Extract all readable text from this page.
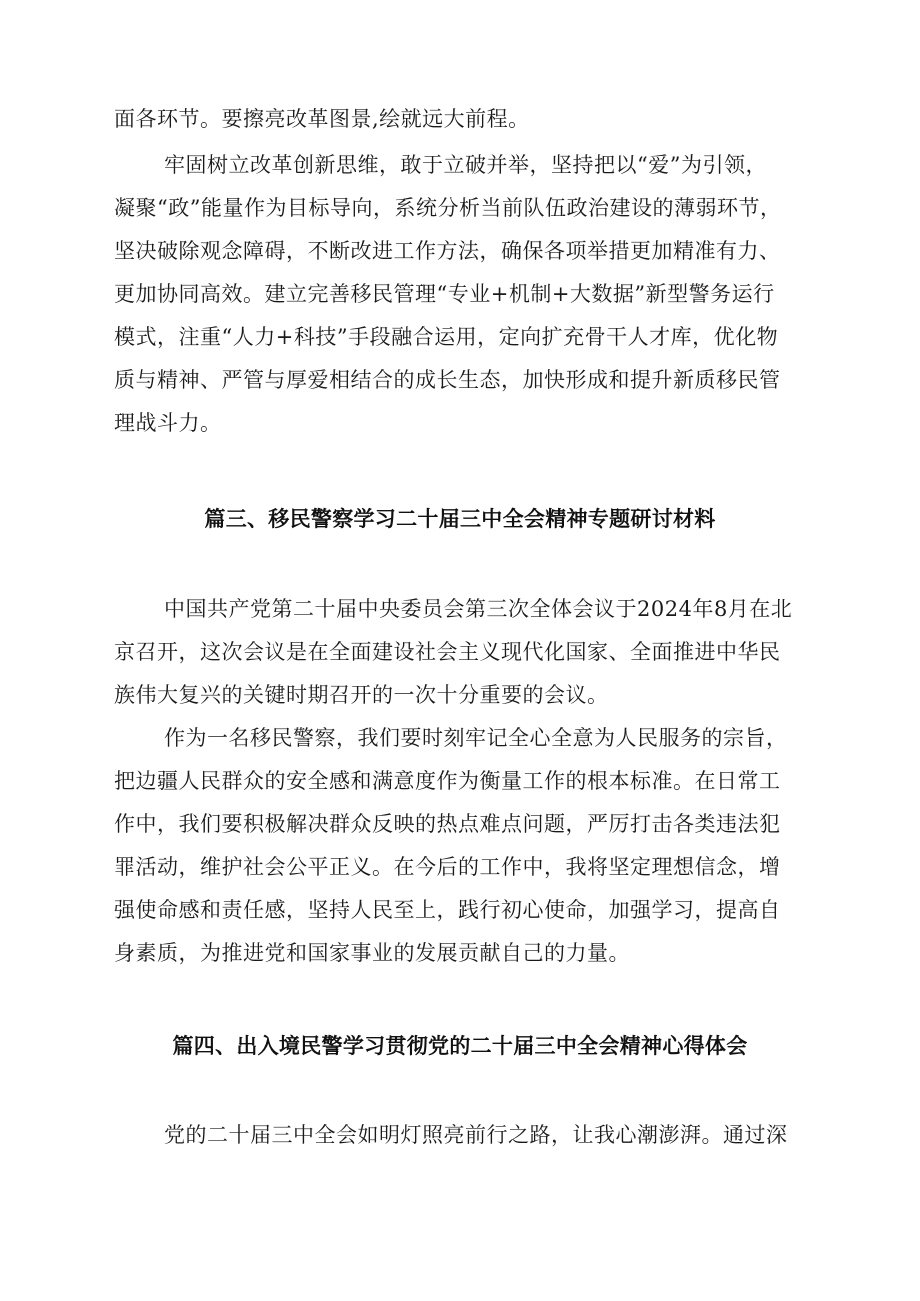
面各环节。要擦亮改革图景,绘就远大前程。
牢固树立改革创新思维，敢于立破并举，坚持把以“爱”为引领，
凝聚“政”能量作为目标导向，系统分析当前队伍政治建设的薄弱环节，
坚决破除观念障碍，不断改进工作方法，确保各项举措更加精准有力、
更加协同高效。建立完善移民管理“专业+机制+大数据”新型警务运行
模式，注重“人力+科技”手段融合运用，定向扩充骨干人才库，优化物
质与精神、严管与厚爱相结合的成长生态，加快形成和提升新质移民管
理战斗力。
篇三、移民警察学习二十届三中全会精神专题研讨材料
中国共产党第二十届中央委员会第三次全体会议于2024年8月在北
京召开，这次会议是在全面建设社会主义现代化国家、全面推进中华民
族伟大复兴的关键时期召开的一次十分重要的会议。
作为一名移民警察，我们要时刻牢记全心全意为人民服务的宗旨，
把边疆人民群众的安全感和满意度作为衡量工作的根本标准。在日常工
作中，我们要积极解决群众反映的热点难点问题，严厉打击各类违法犯
罪活动，维护社会公平正义。在今后的工作中，我将坚定理想信念，增
强使命感和责任感，坚持人民至上，践行初心使命，加强学习，提高自
身素质，为推进党和国家事业的发展贡献自己的力量。
篇四、出入境民警学习贯彻党的二十届三中全会精神心得体会
党的二十届三中全会如明灯照亮前行之路，让我心潮澎湃。通过深
